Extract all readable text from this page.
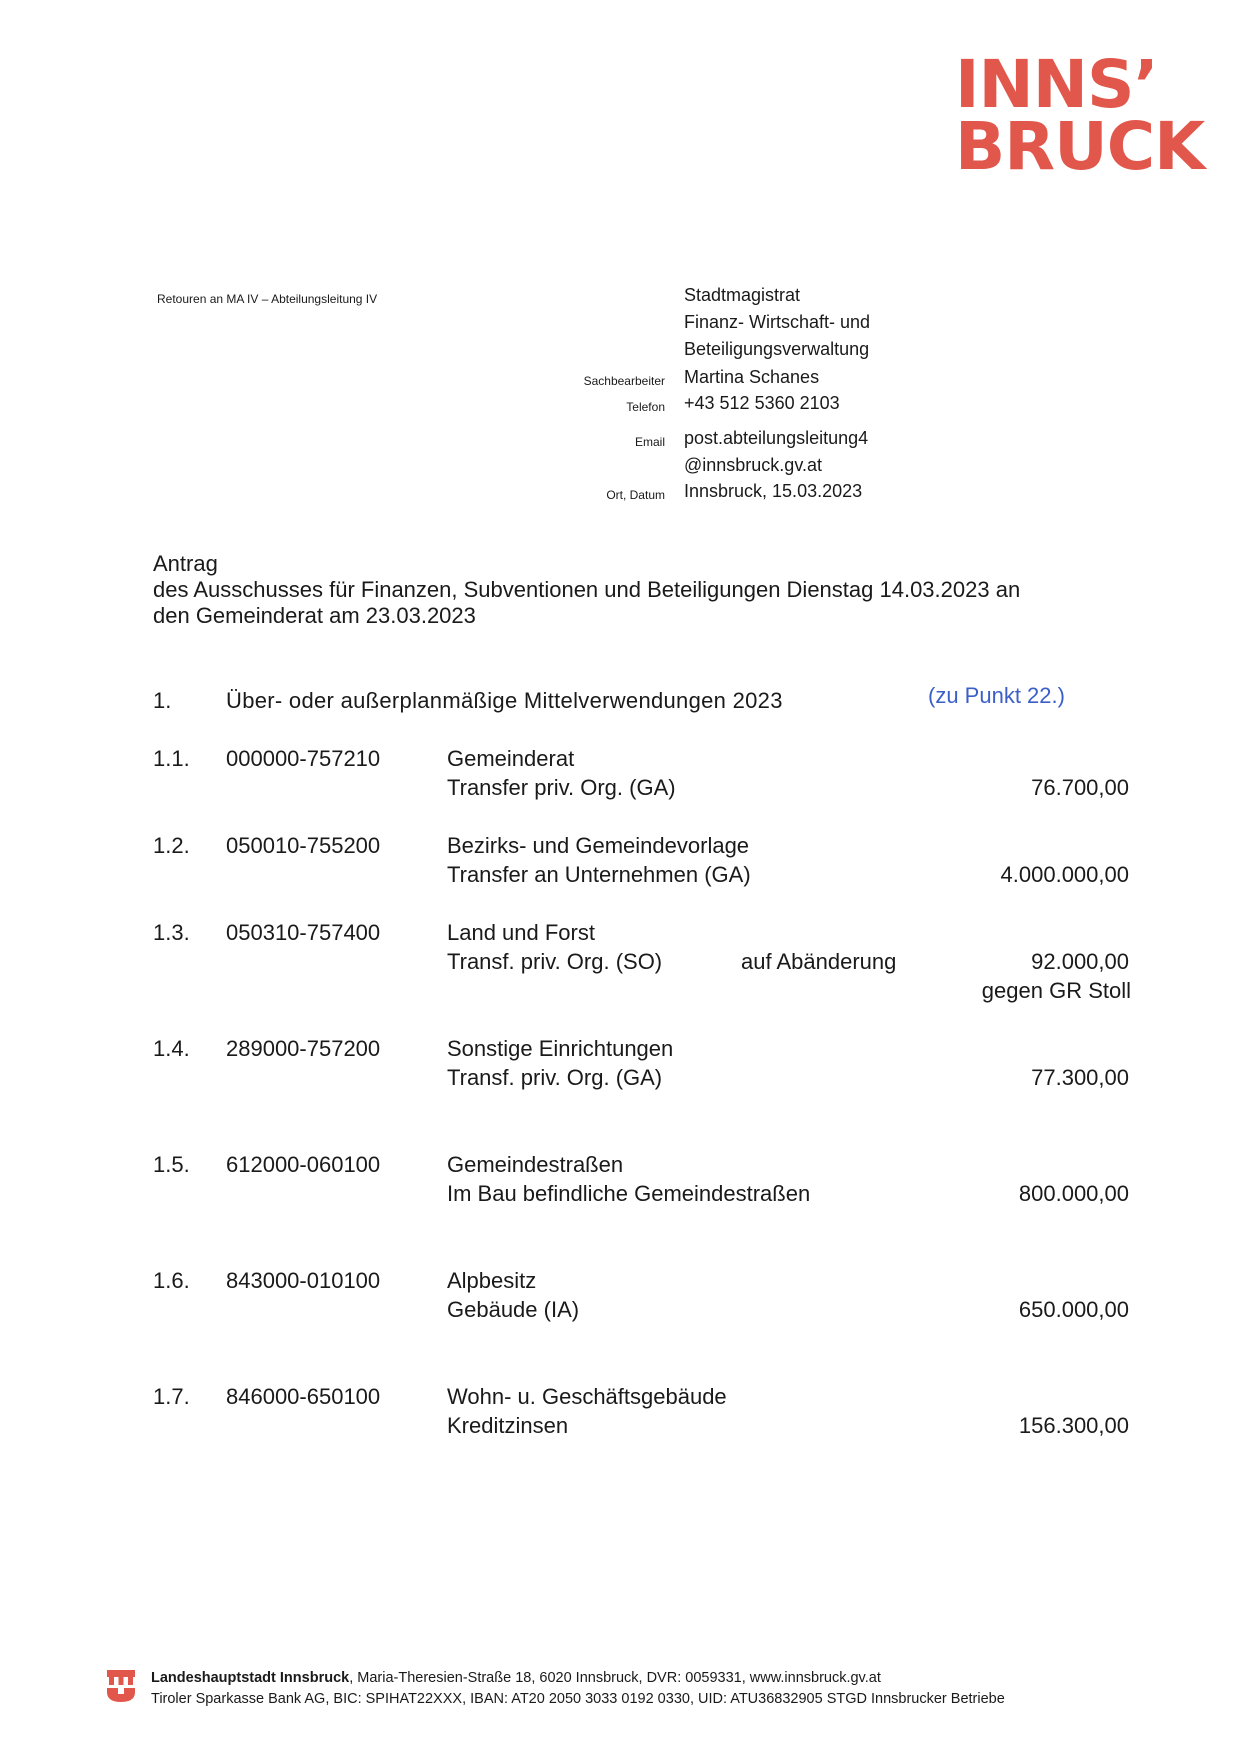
INNS’
BRUCK
Retouren an MA IV – Abteilungsleitung IV	Stadtmagistrat
Finanz- Wirtschaft- und
Beteiligungsverwaltung
Sachbearbeiter Martina Schanes
Telefon +43 512 5360 2103
Email post.abteilungsleitung4
@innsbruck.gv.at
Ort, Datum Innsbruck, 15.03.2023
Antrag
des Ausschusses für Finanzen, Subventionen und Beteiligungen Dienstag 14.03.2023 an
den Gemeinderat am 23.03.2023
1. Über- oder außerplanmäßige Mittelverwendungen 2023	(zu Punkt 22.)
1.1. 000000-757210	Gemeinderat
Transfer priv. Org. (GA)	76.700,00
1.2. 050010-755200	Bezirks- und Gemeindevorlage
Transfer an Unternehmen (GA)	4.000.000,00
1.3. 050310-757400	Land und Forst
Transf. priv. Org. (SO)	auf Abänderung	92.000,00
gegen GR Stoll
1.4. 289000-757200	Sonstige Einrichtungen
Transf. priv. Org. (GA)	77.300,00
1.5. 612000-060100	Gemeindestraßen
Im Bau befindliche Gemeindestraßen	800.000,00
1.6. 843000-010100	Alpbesitz
Gebäude (IA)	650.000,00
1.7. 846000-650100	Wohn- u. Geschäftsgebäude
Kreditzinsen	156.300,00
Landeshauptstadt Innsbruck, Maria-Theresien-Straße 18, 6020 Innsbruck, DVR: 0059331, www.innsbruck.gv.at
Tiroler Sparkasse Bank AG, BIC: SPIHAT22XXX, IBAN: AT20 2050 3033 0192 0330, UID: ATU36832905 STGD Innsbrucker Betriebe
